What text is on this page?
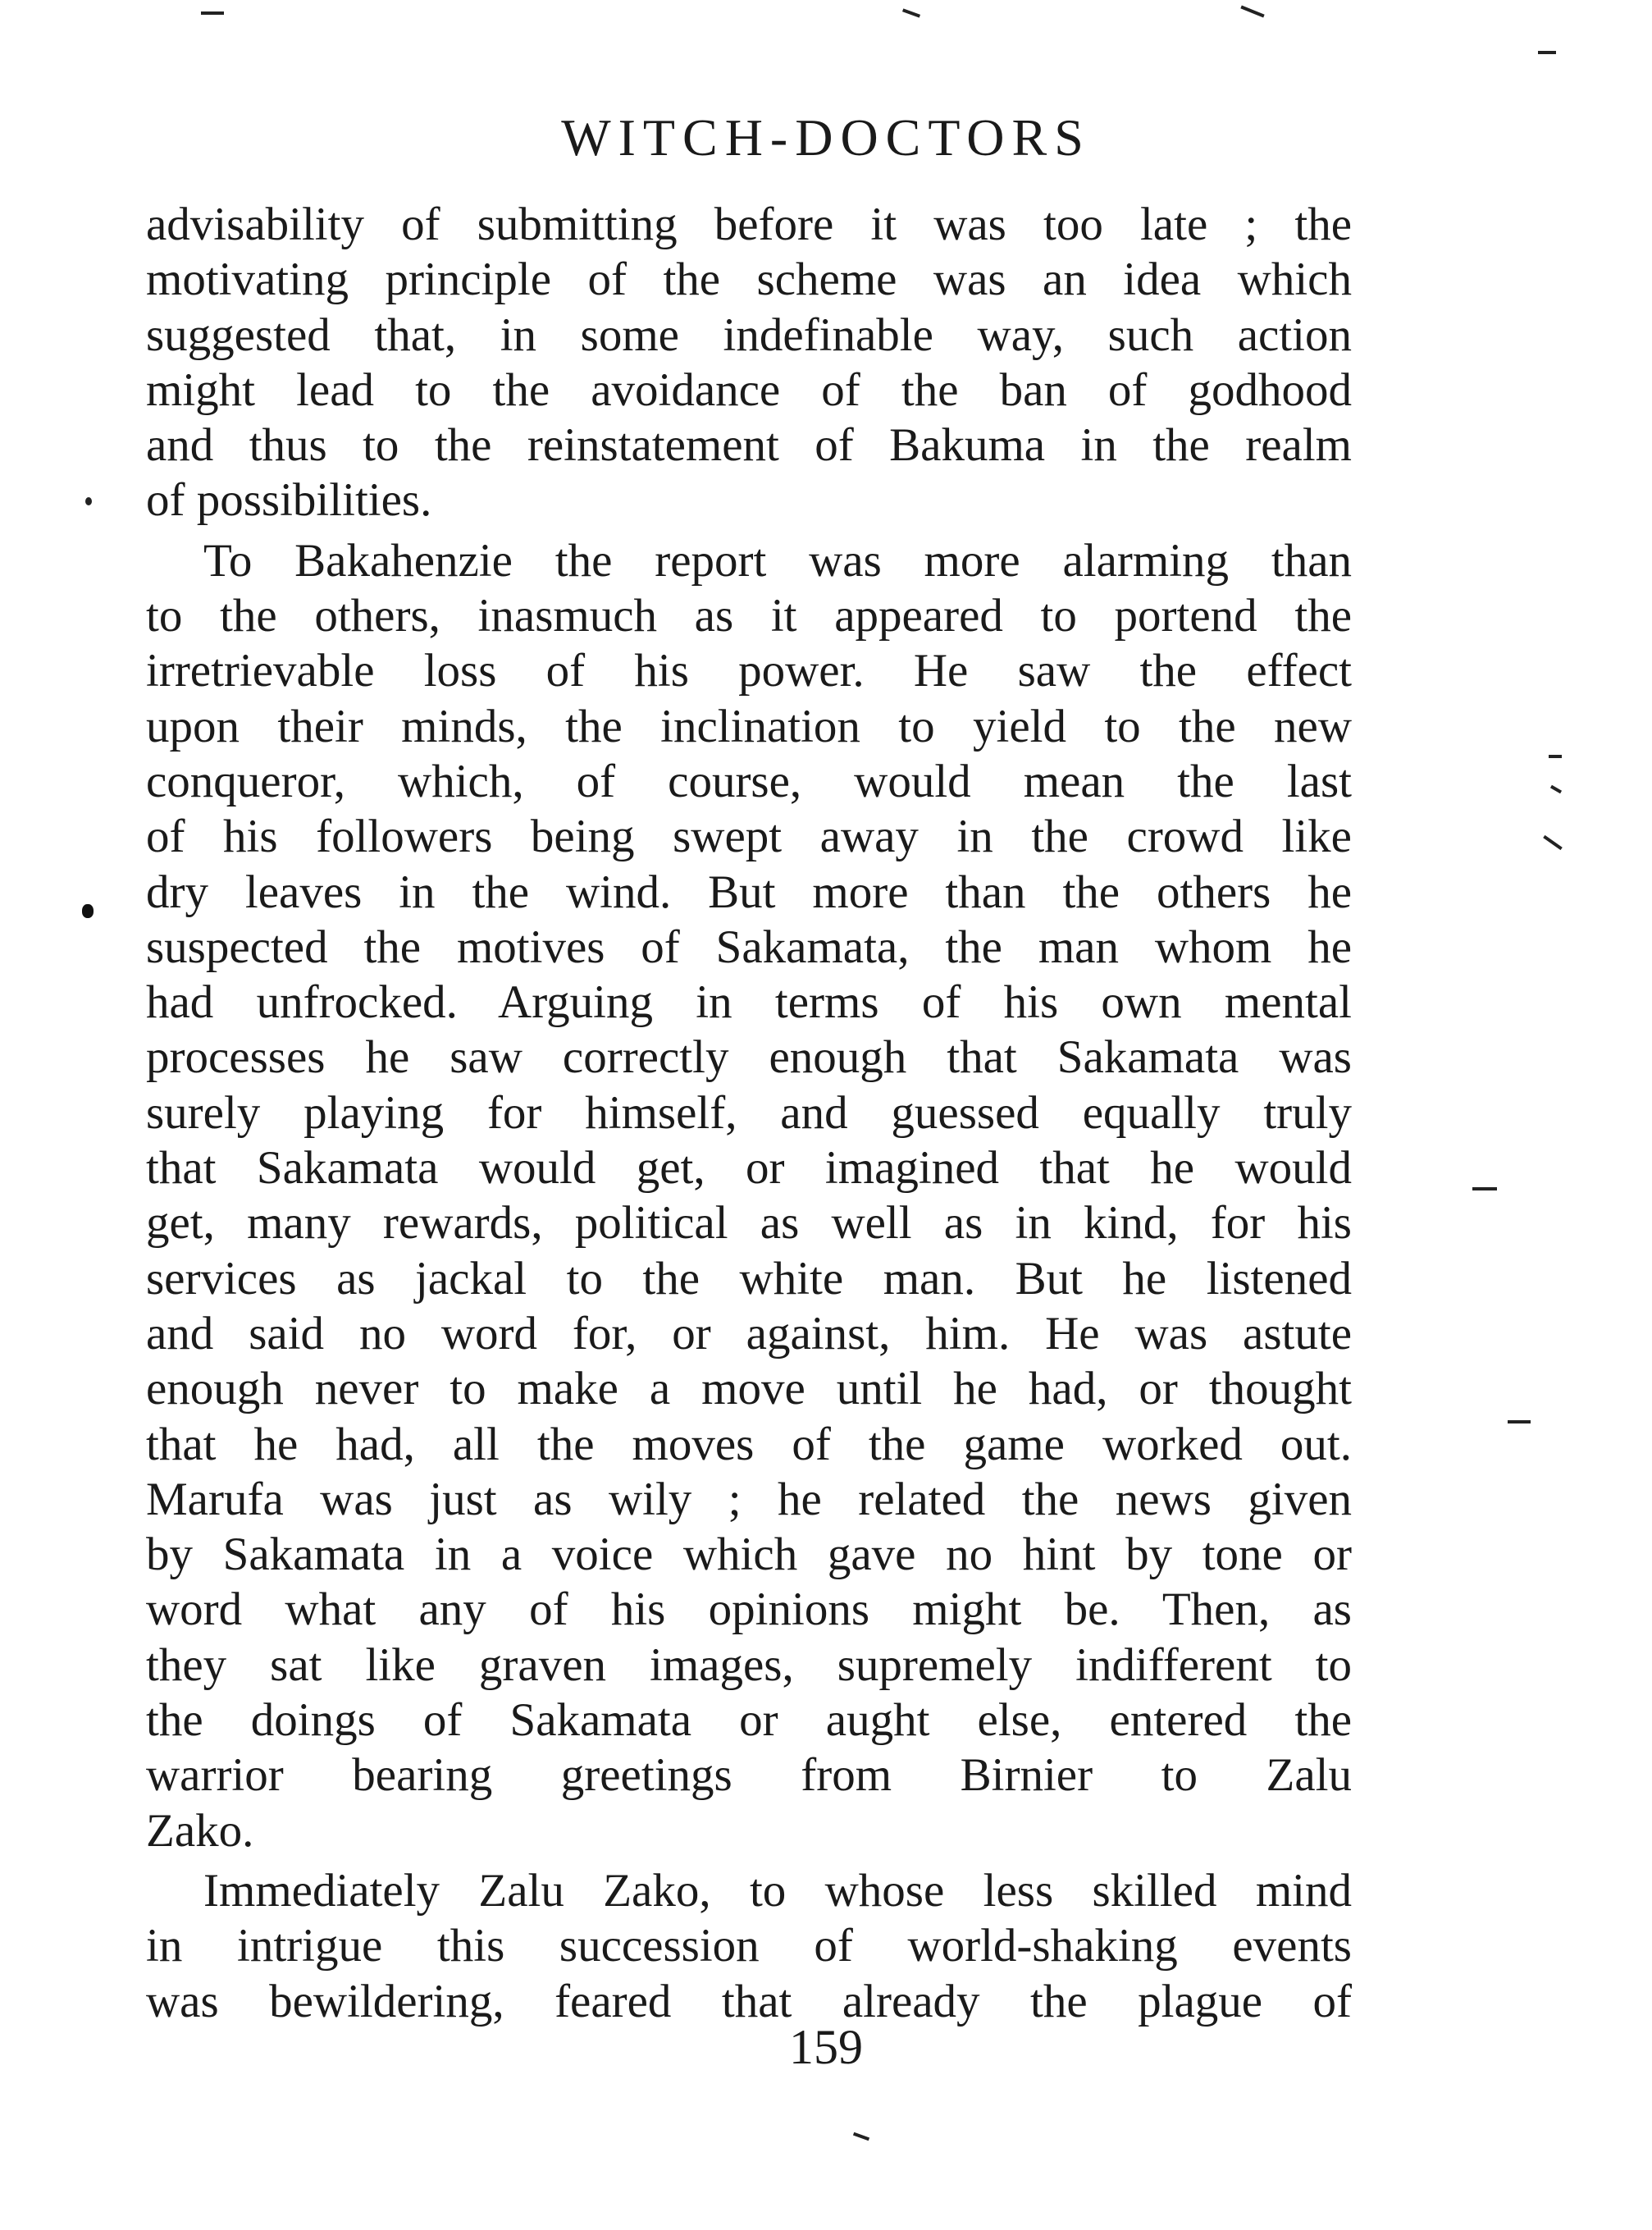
WITCH-DOCTORS
advisability of submitting before it was too late ; the
motivating principle of the scheme was an idea which
suggested that, in some indefinable way, such action
might lead to the avoidance of the ban of godhood
and thus to the reinstatement of Bakuma in the realm
of possibilities.
To Bakahenzie the report was more alarming than
to the others, inasmuch as it appeared to portend the
irretrievable loss of his power. He saw the effect
upon their minds, the inclination to yield to the new
conqueror, which, of course, would mean the last
of his followers being swept away in the crowd like
dry leaves in the wind. But more than the others he
suspected the motives of Sakamata, the man whom he
had unfrocked. Arguing in terms of his own mental
processes he saw correctly enough that Sakamata was
surely playing for himself, and guessed equally truly
that Sakamata would get, or imagined that he would
get, many rewards, political as well as in kind, for his
services as jackal to the white man. But he listened
and said no word for, or against, him. He was astute
enough never to make a move until he had, or thought
that he had, all the moves of the game worked out.
Marufa was just as wily ; he related the news given
by Sakamata in a voice which gave no hint by tone or
word what any of his opinions might be. Then, as
they sat like graven images, supremely indifferent to
the doings of Sakamata or aught else, entered the
warrior bearing greetings from Birnier to Zalu
Zako.
Immediately Zalu Zako, to whose less skilled mind
in intrigue this succession of world-shaking events
was bewildering, feared that already the plague of
159
